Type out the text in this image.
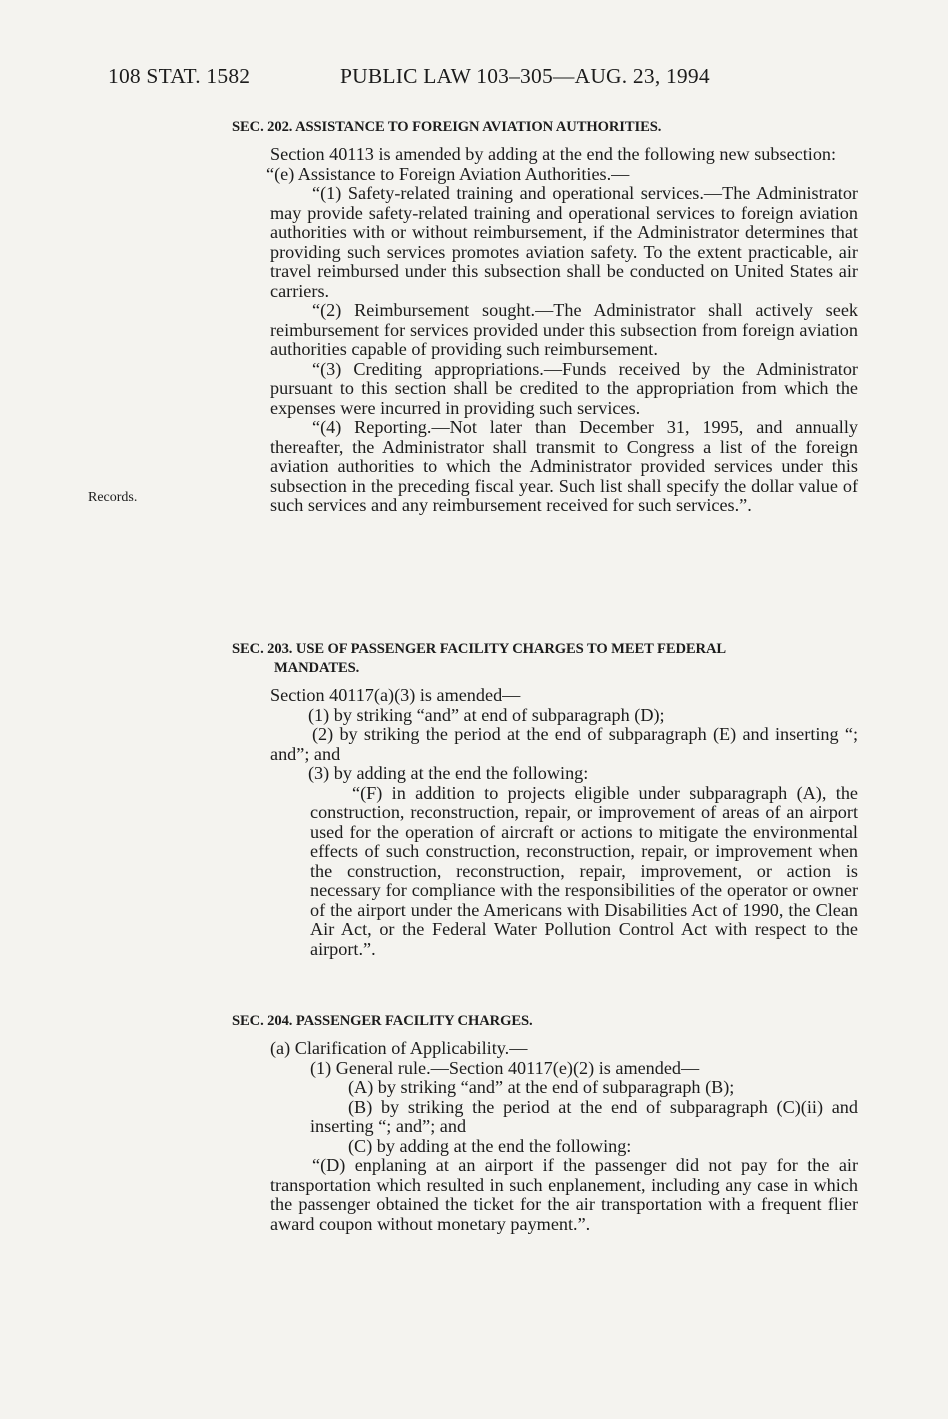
108 STAT. 1582	PUBLIC LAW 103–305—AUG. 23, 1994
Records.

SEC. 202. ASSISTANCE TO FOREIGN AVIATION AUTHORITIES.

Section 40113 is amended by adding at the end the following new subsection:

“(e) Assistance to Foreign Aviation Authorities.—

“(1) Safety-related training and operational services.—The Administrator may provide safety-related training and operational services to foreign aviation authorities with or without reimbursement, if the Administrator determines that providing such services promotes aviation safety. To the extent practicable, air travel reimbursed under this subsection shall be conducted on United States air carriers.

“(2) Reimbursement sought.—The Administrator shall actively seek reimbursement for services provided under this subsection from foreign aviation authorities capable of providing such reimbursement.

“(3) Crediting appropriations.—Funds received by the Administrator pursuant to this section shall be credited to the appropriation from which the expenses were incurred in providing such services.

“(4) Reporting.—Not later than December 31, 1995, and annually thereafter, the Administrator shall transmit to Congress a list of the foreign aviation authorities to which the Administrator provided services under this subsection in the preceding fiscal year. Such list shall specify the dollar value of such services and any reimbursement received for such services.”.

SEC. 203. USE OF PASSENGER FACILITY CHARGES TO MEET FEDERAL
MANDATES.

Section 40117(a)(3) is amended—

(1) by striking “and” at end of subparagraph (D);

(2) by striking the period at the end of subparagraph (E) and inserting “; and”; and

(3) by adding at the end the following:

“(F) in addition to projects eligible under subparagraph (A), the construction, reconstruction, repair, or improvement of areas of an airport used for the operation of aircraft or actions to mitigate the environmental effects of such construction, reconstruction, repair, or improvement when the construction, reconstruction, repair, improvement, or action is necessary for compliance with the responsibilities of the operator or owner of the airport under the Americans with Disabilities Act of 1990, the Clean Air Act, or the Federal Water Pollution Control Act with respect to the airport.”.

SEC. 204. PASSENGER FACILITY CHARGES.

(a) Clarification of Applicability.—

(1) General rule.—Section 40117(e)(2) is amended—

(A) by striking “and” at the end of subparagraph (B);

(B) by striking the period at the end of subparagraph (C)(ii) and inserting “; and”; and

(C) by adding at the end the following:

“(D) enplaning at an airport if the passenger did not pay for the air transportation which resulted in such enplanement, including any case in which the passenger obtained the ticket for the air transportation with a frequent flier award coupon without monetary payment.”.
